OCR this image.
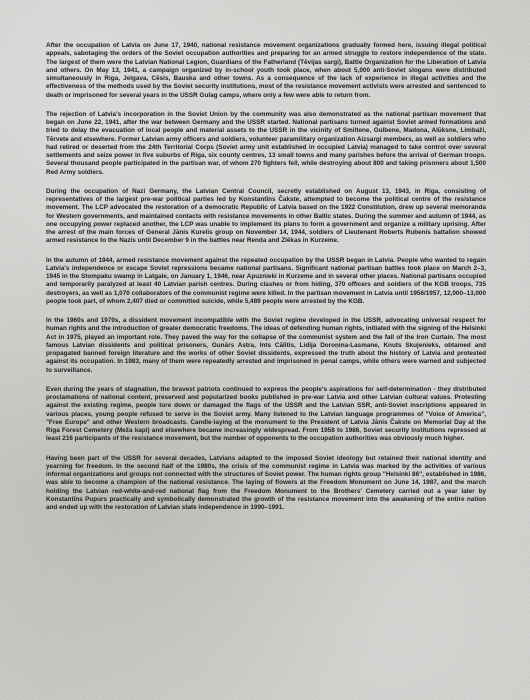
After the occupation of Latvia on June 17, 1940, national resistance movement organizations gradually formed here, issuing illegal political appeals, sabotaging the orders of the Soviet occupation authorities and preparing for an armed struggle to restore independence of the state. The largest of them were the Latvian National Legion, Guardians of the Fatherland (Tēvijas sargi), Battle Organization for the Liberation of Latvia and others. On May 13, 1941, a campaign organized by in-school youth took place, when about 5,000 anti-Soviet slogans were distributed simultaneously in Riga, Jelgava, Cēsis, Bauska and other towns. As a consequence of the lack of experience in illegal activities and the effectiveness of the methods used by the Soviet security institutions, most of the resistance movement activists were arrested and sentenced to death or imprisoned for several years in the USSR Gulag camps, where only a few were able to return from.

The rejection of Latvia's incorporation in the Soviet Union by the community was also demonstrated as the national partisan movement that began on June 22, 1941, after the war between Germany and the USSR started. National partisans turned against Soviet armed formations and tried to delay the evacuation of local people and material assets to the USSR in the vicinity of Smiltene, Gulbene, Madona, Alūksne, Limbaži, Tērvete and elsewhere. Former Latvian army officers and soldiers, volunteer paramilitary organization Aizsargi members, as well as soldiers who had retired or deserted from the 24th Territorial Corps (Soviet army unit established in occupied Latvia) managed to take control over several settlements and seize power in five suburbs of Riga, six county centres, 13 small towns and many parishes before the arrival of German troops. Several thousand people participated in the partisan war, of whom 270 fighters fell, while destroying about 800 and taking prisoners about 1,500 Red Army soldiers.

During the occupation of Nazi Germany, the Latvian Central Council, secretly established on August 13, 1943, in Riga, consisting of representatives of the largest pre-war political parties led by Konstantīns Čakste, attempted to become the political centre of the resistance movement. The LCP advocated the restoration of a democratic Republic of Latvia based on the 1922 Constitution, drew up several memoranda for Western governments, and maintained contacts with resistance movements in other Baltic states. During the summer and autumn of 1944, as one occupying power replaced another, the LCP was unable to implement its plans to form a government and organize a military uprising. After the arrest of the main forces of General Jānis Kurelis group on November 14, 1944, soldiers of Lieutenant Roberts Rubenis battalion showed armed resistance to the Nazis until December 9 in the battles near Renda and Zlēkas in Kurzeme.

In the autumn of 1944, armed resistance movement against the repeated occupation by the USSR began in Latvia. People who wanted to regain Latvia's independence or escape Soviet repressions became national partisans. Significant national partisan battles took place on March 2–3, 1945 in the Stompaku swamp in Latgale, on January 1, 1946, near Apuznieki in Kurzeme and in several other places. National partisans occupied and temporarily paralyzed at least 40 Latvian parish centres. During clashes or from hiding, 370 officers and soldiers of the KGB troops, 735 destroyers, as well as 1,070 collaborators of the communist regime were killed. In the partisan movement in Latvia until 1956/1957, 12,000–13,000 people took part, of whom 2,407 died or committed suicide, while 5,489 people were arrested by the KGB.

In the 1960s and 1970s, a dissident movement incompatible with the Soviet regime developed in the USSR, advocating universal respect for human rights and the introduction of greater democratic freedoms. The ideas of defending human rights, initiated with the signing of the Helsinki Act in 1975, played an important role. They paved the way for the collapse of the communist system and the fall of the Iron Curtain. The most famous Latvian dissidents and political prisoners, Gunārs Astra, Ints Cālītis, Lidija Doroņina-Lasmane, Knuts Skujenieks, obtained and propagated banned foreign literature and the works of other Soviet dissidents, expressed the truth about the history of Latvia and protested against its occupation. In 1983, many of them were repeatedly arrested and imprisoned in penal camps, while others were warned and subjected to surveillance.

Even during the years of stagnation, the bravest patriots continued to express the people's aspirations for self-determination - they distributed proclamations of national content, preserved and popularized books published in pre-war Latvia and other Latvian cultural values. Protesting against the existing regime, people tore down or damaged the flags of the USSR and the Latvian SSR, anti-Soviet inscriptions appeared in various places, young people refused to serve in the Soviet army. Many listened to the Latvian language programmes of "Voice of America", "Free Europe" and other Western broadcasts. Candle-laying at the monument to the President of Latvia Jānis Čakste on Memorial Day at the Riga Forest Cemetery (Meža kapi) and elsewhere became increasingly widespread. From 1958 to 1986, Soviet security institutions repressed at least 216 participants of the resistance movement, but the number of opponents to the occupation authorities was obviously much higher.

Having been part of the USSR for several decades, Latvians adapted to the imposed Soviet ideology but retained their national identity and yearning for freedom. In the second half of the 1980s, the crisis of the communist regime in Latvia was marked by the activities of various informal organizations and groups not connected with the structures of Soviet power. The human rights group "Helsinki 86", established in 1986, was able to become a champion of the national resistance. The laying of flowers at the Freedom Monument on June 14, 1987, and the march holding the Latvian red-white-and-red national flag from the Freedom Monument to the Brothers' Cemetery carried out a year later by Konstantīns Pupurs practically and symbolically demonstrated the growth of the resistance movement into the awakening of the entire nation and ended up with the restoration of Latvian state independence in 1990–1991.
